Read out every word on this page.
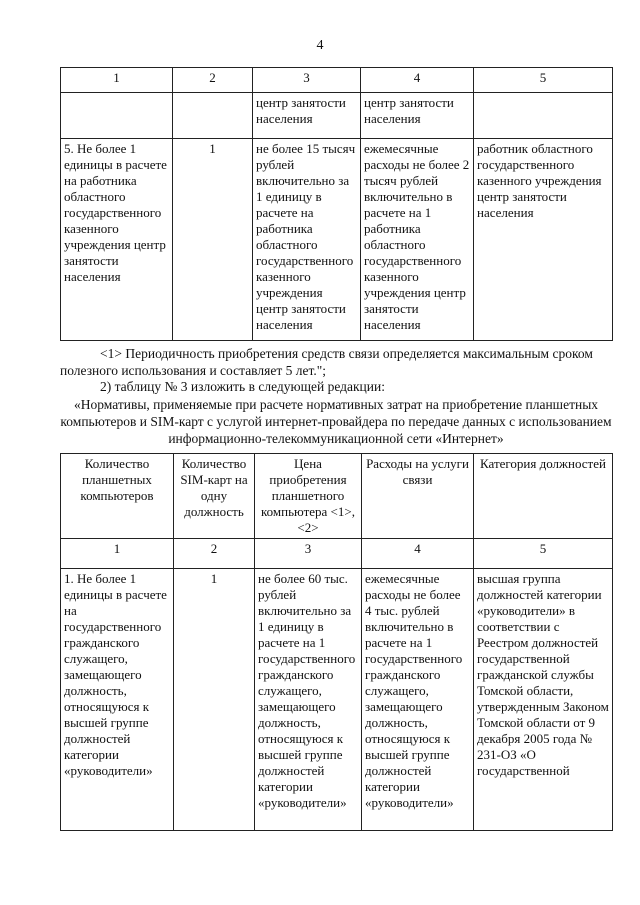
4
1	2	3	4	5
		центр занятости населения	центр занятости населения	
5. Не более 1 единицы в расчете на работника областного государственного казенного учреждения центр занятости населения	1	не более 15 тысяч рублей включительно за 1 единицу в расчете на работника областного государственного казенного учреждения центр занятости населения	ежемесячные расходы не более 2 тысяч рублей включительно в расчете на 1 работника областного государственного казенного учреждения центр занятости населения	работник областного государственного казенного учреждения центр занятости населения
<1> Периодичность приобретения средств связи определяется максимальным сроком полезного использования и составляет 5 лет.";
2) таблицу № 3 изложить в следующей редакции:
«Нормативы, применяемые при расчете нормативных затрат на приобретение планшетных компьютеров и SIM-карт с услугой интернет-провайдера по передаче данных с использованием информационно-телекоммуникационной сети «Интернет»
Количество планшетных компьютеров	Количество SIM-карт на одну должность	Цена приобретения планшетного компьютера <1>, <2>	Расходы на услуги связи	Категория должностей
1	2	3	4	5
1. Не более 1 единицы в расчете на государственного гражданского служащего, замещающего должность, относящуюся к высшей группе должностей категории «руководители»	1	не более 60 тыс. рублей включительно за 1 единицу в расчете на 1 государственного гражданского служащего, замещающего должность, относящуюся к высшей группе должностей категории «руководители»	ежемесячные расходы не более 4 тыс. рублей включительно в расчете на 1 государственного гражданского служащего, замещающего должность, относящуюся к высшей группе должностей категории «руководители»	высшая группа должностей категории «руководители» в соответствии с Реестром должностей государственной гражданской службы Томской области, утвержденным Законом Томской области от 9 декабря 2005 года № 231-ОЗ «О государственной
